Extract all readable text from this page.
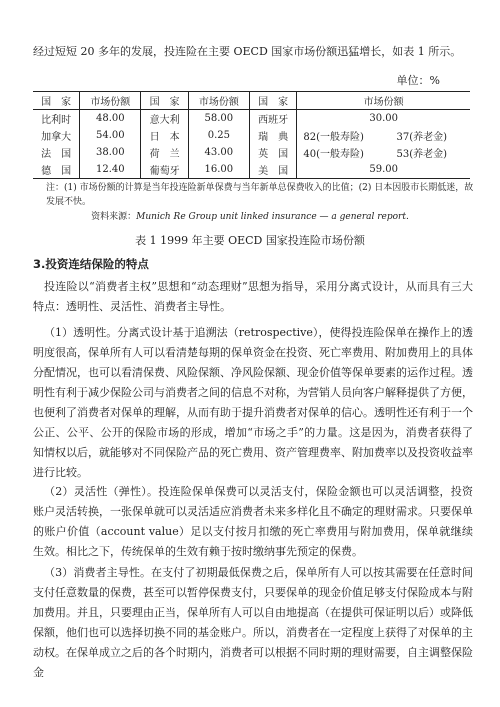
经过短短 20 多年的发展，投连险在主要 OECD 国家市场份额迅猛增长，如表 1 所示。
单位：%
国　家	市场份额	国　家	市场份额	国　家	市场份额	
比利时	48.00	意大利	58.00	西班牙	30.00	
加拿大	54.00	日　本	0.25	瑞　典	82(一般寿险)	37(养老金)
法　国	38.00	荷　兰	43.00	英　国	40(一般寿险)	53(养老金)
德　国	12.40	葡萄牙	16.00	美　国	59.00	
注：(1) 市场份额的计算是当年投连险新单保费与当年新单总保费收入的比值；(2) 日本因股市长期低迷，故发展不快。
资料来源：Munich Re Group unit linked insurance — a general report.
表 1 1999 年主要 OECD 国家投连险市场份额
3.投资连结保险的特点
投连险以“消费者主权”思想和“动态理财”思想为指导，采用分离式设计，从而具有三大特点：透明性、灵活性、消费者主导性。
（1）透明性。分离式设计基于追溯法（retrospective），使得投连险保单在操作上的透明度很高，保单所有人可以看清楚每期的保单资金在投资、死亡率费用、附加费用上的具体分配情况，也可以看清保费、风险保额、净风险保额、现金价值等保单要素的运作过程。透明性有利于减少保险公司与消费者之间的信息不对称，为营销人员向客户解释提供了方便，也便利了消费者对保单的理解，从而有助于提升消费者对保单的信心。透明性还有利于一个公正、公平、公开的保险市场的形成，增加“市场之手”的力量。这是因为，消费者获得了知情权以后，就能够对不同保险产品的死亡费用、资产管理费率、附加费率以及投资收益率进行比较。
（2）灵活性（弹性）。投连险保单保费可以灵活支付，保险金额也可以灵活调整，投资账户灵活转换，一张保单就可以灵活适应消费者未来多样化且不确定的理财需求。只要保单的账户价值（account value）足以支付按月扣缴的死亡率费用与附加费用，保单就继续生效。相比之下，传统保单的生效有赖于按时缴纳事先预定的保费。
（3）消费者主导性。在支付了初期最低保费之后，保单所有人可以按其需要在任意时间支付任意数量的保费，甚至可以暂停保费支付，只要保单的现金价值足够支付保险成本与附加费用。并且，只要理由正当，保单所有人可以自由地提高（在提供可保证明以后）或降低保额，他们也可以选择切换不同的基金账户。所以，消费者在一定程度上获得了对保单的主动权。在保单成立之后的各个时期内，消费者可以根据不同时期的理财需要，自主调整保险金
